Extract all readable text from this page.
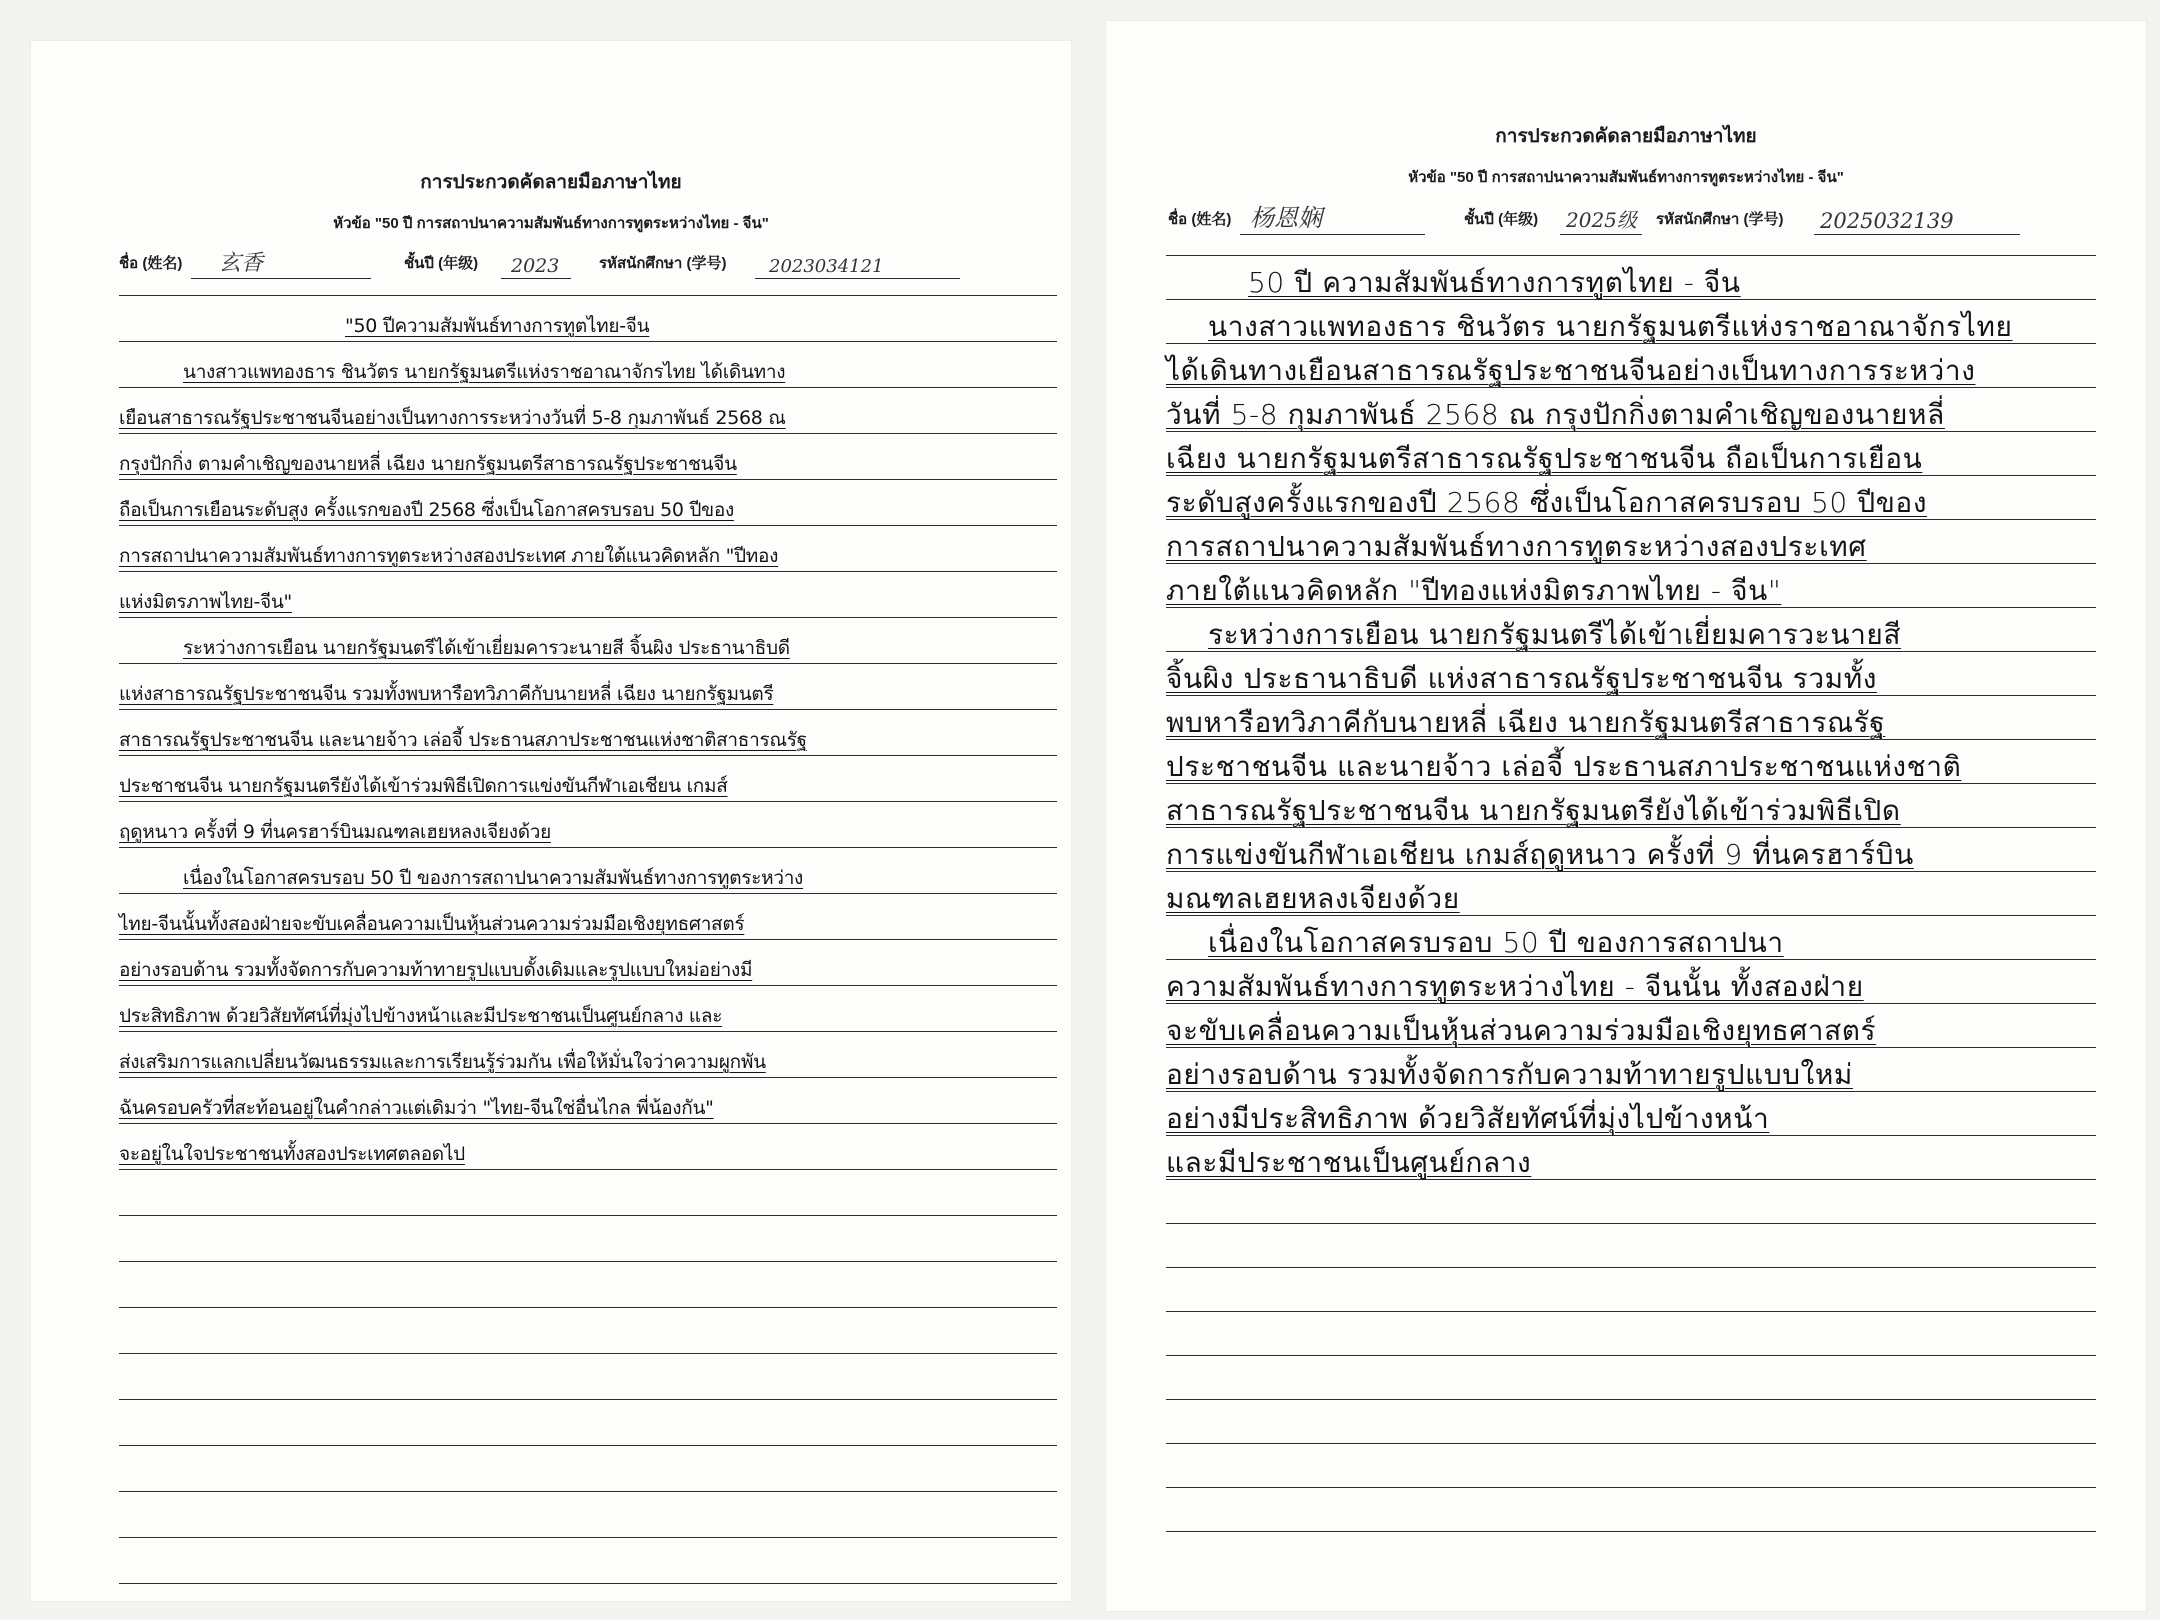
การประกวดคัดลายมือภาษาไทย
หัวข้อ "50 ปี การสถาปนาความสัมพันธ์ทางการทูตระหว่างไทย - จีน"
ชื่อ (姓名) 玄香	ชั้นปี (年级) 2023	รหัสนักศึกษา (学号) 2023034121
"50 ปีความสัมพันธ์ทางการทูตไทย-จีน
นางสาวแพทองธาร ชินวัตร นายกรัฐมนตรีแห่งราชอาณาจักรไทย ได้เดินทาง
เยือนสาธารณรัฐประชาชนจีนอย่างเป็นทางการระหว่างวันที่ 5-8 กุมภาพันธ์ 2568 ณ
กรุงปักกิ่ง ตามคำเชิญของนายหลี่ เฉียง นายกรัฐมนตรีสาธารณรัฐประชาชนจีน
ถือเป็นการเยือนระดับสูง ครั้งแรกของปี 2568 ซึ่งเป็นโอกาสครบรอบ 50 ปีของ
การสถาปนาความสัมพันธ์ทางการทูตระหว่างสองประเทศ ภายใต้แนวคิดหลัก "ปีทอง
แห่งมิตรภาพไทย-จีน"
ระหว่างการเยือน นายกรัฐมนตรีได้เข้าเยี่ยมคารวะนายสี จิ้นผิง ประธานาธิบดี
แห่งสาธารณรัฐประชาชนจีน รวมทั้งพบหารือทวิภาคีกับนายหลี่ เฉียง นายกรัฐมนตรี
สาธารณรัฐประชาชนจีน และนายจ้าว เล่อจี้ ประธานสภาประชาชนแห่งชาติสาธารณรัฐ
ประชาชนจีน นายกรัฐมนตรียังได้เข้าร่วมพิธีเปิดการแข่งขันกีฬาเอเชียน เกมส์
ฤดูหนาว ครั้งที่ 9 ที่นครฮาร์บินมณฑลเฮยหลงเจียงด้วย
เนื่องในโอกาสครบรอบ 50 ปี ของการสถาปนาความสัมพันธ์ทางการทูตระหว่าง
ไทย-จีนนั้นทั้งสองฝ่ายจะขับเคลื่อนความเป็นหุ้นส่วนความร่วมมือเชิงยุทธศาสตร์
อย่างรอบด้าน รวมทั้งจัดการกับความท้าทายรูปแบบดั้งเดิมและรูปแบบใหม่อย่างมี
ประสิทธิภาพ ด้วยวิสัยทัศน์ที่มุ่งไปข้างหน้าและมีประชาชนเป็นศูนย์กลาง และ
ส่งเสริมการแลกเปลี่ยนวัฒนธรรมและการเรียนรู้ร่วมกัน เพื่อให้มั่นใจว่าความผูกพัน
ฉันครอบครัวที่สะท้อนอยู่ในคำกล่าวแต่เดิมว่า "ไทย-จีนใช่อื่นไกล พี่น้องกัน"
จะอยู่ในใจประชาชนทั้งสองประเทศตลอดไป
การประกวดคัดลายมือภาษาไทย
หัวข้อ "50 ปี การสถาปนาความสัมพันธ์ทางการทูตระหว่างไทย - จีน"
ชื่อ (姓名) 杨恩娴	ชั้นปี (年级) 2025级 รหัสนักศึกษา (学号) 2025032139
50 ปี ความสัมพันธ์ทางการทูตไทย - จีน
นางสาวแพทองธาร ชินวัตร นายกรัฐมนตรีแห่งราชอาณาจักรไทย
ได้เดินทางเยือนสาธารณรัฐประชาชนจีนอย่างเป็นทางการระหว่าง
วันที่ 5-8 กุมภาพันธ์ 2568 ณ กรุงปักกิ่งตามคำเชิญของนายหลี่
เฉียง นายกรัฐมนตรีสาธารณรัฐประชาชนจีน ถือเป็นการเยือน
ระดับสูงครั้งแรกของปี 2568 ซึ่งเป็นโอกาสครบรอบ 50 ปีของ
การสถาปนาความสัมพันธ์ทางการทูตระหว่างสองประเทศ
ภายใต้แนวคิดหลัก "ปีทองแห่งมิตรภาพไทย - จีน"
ระหว่างการเยือน นายกรัฐมนตรีได้เข้าเยี่ยมคารวะนายสี
จิ้นผิง ประธานาธิบดี แห่งสาธารณรัฐประชาชนจีน รวมทั้ง
พบหารือทวิภาคีกับนายหลี่ เฉียง นายกรัฐมนตรีสาธารณรัฐ
ประชาชนจีน และนายจ้าว เล่อจี้ ประธานสภาประชาชนแห่งชาติ
สาธารณรัฐประชาชนจีน นายกรัฐมนตรียังได้เข้าร่วมพิธีเปิด
การแข่งขันกีฬาเอเชียน เกมส์ฤดูหนาว ครั้งที่ 9 ที่นครฮาร์บิน
มณฑลเฮยหลงเจียงด้วย
เนื่องในโอกาสครบรอบ 50 ปี ของการสถาปนา
ความสัมพันธ์ทางการทูตระหว่างไทย - จีนนั้น ทั้งสองฝ่าย
จะขับเคลื่อนความเป็นหุ้นส่วนความร่วมมือเชิงยุทธศาสตร์
อย่างรอบด้าน รวมทั้งจัดการกับความท้าทายรูปแบบใหม่
อย่างมีประสิทธิภาพ ด้วยวิสัยทัศน์ที่มุ่งไปข้างหน้า
และมีประชาชนเป็นศูนย์กลาง
